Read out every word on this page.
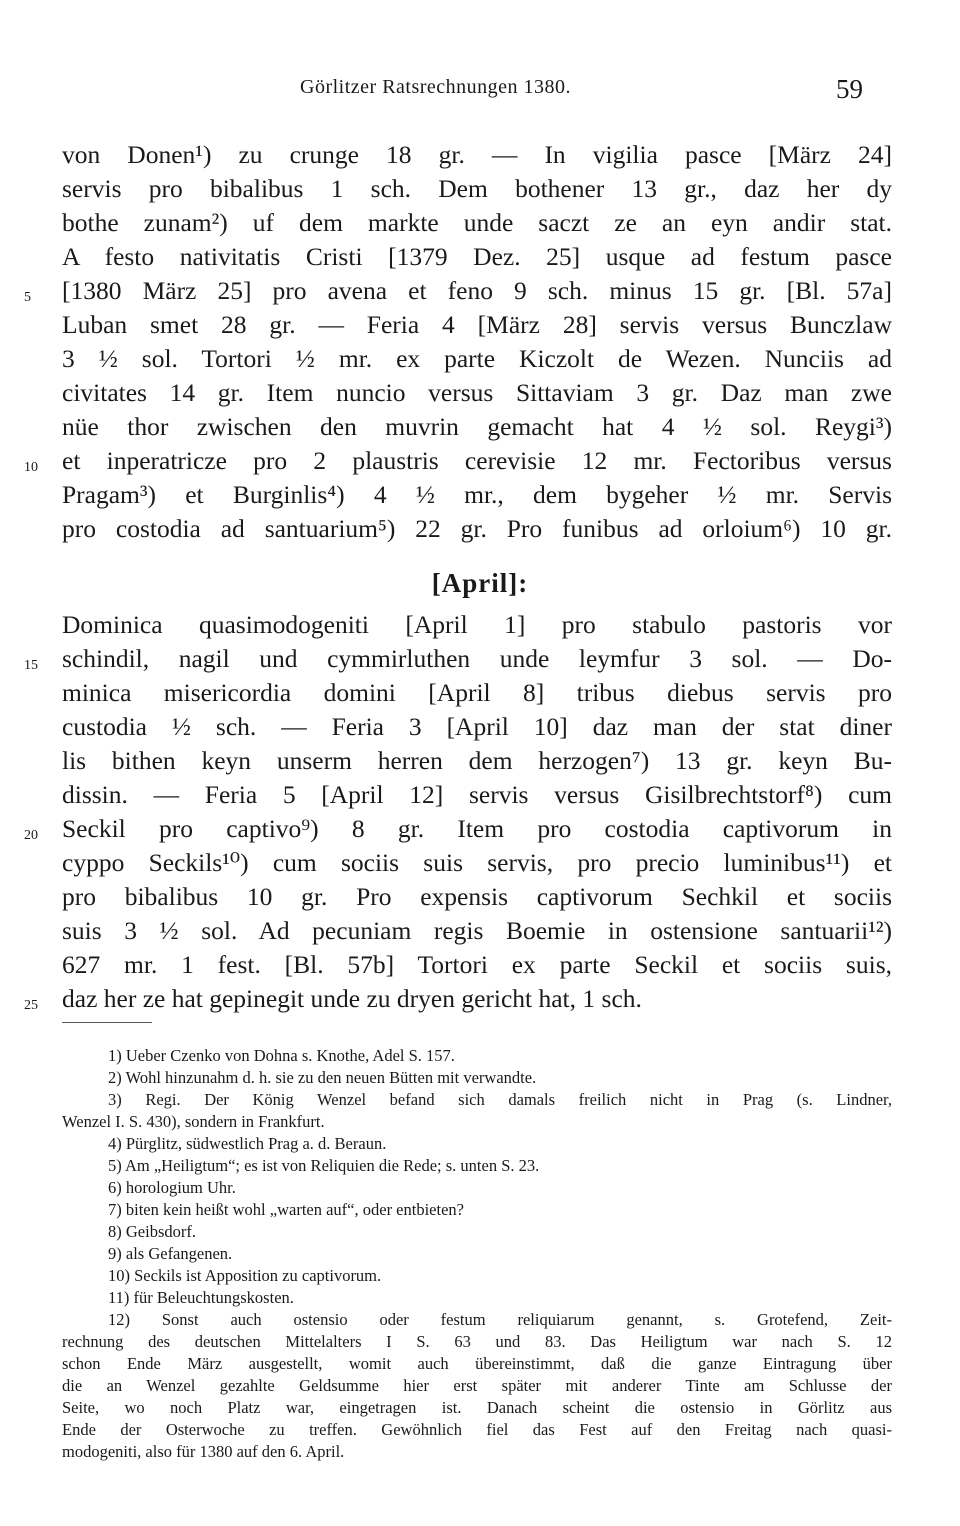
Görlitzer Ratsrechnungen 1380.	59
von Donen¹) zu crunge 18 gr. — In vigilia pasce [März 24]
servis pro bibalibus 1 sch. Dem bothener 13 gr., daz her dy
bothe zunam²) uf dem markte unde saczt ze an eyn andir stat.
A festo nativitatis Cristi [1379 Dez. 25] usque ad festum pasce
[1380 März 25] pro avena et feno 9 sch. minus 15 gr. [Bl. 57a]
Luban smet 28 gr. — Feria 4 [März 28] servis versus Bunczlaw
3 ½ sol. Tortori ½ mr. ex parte Kiczolt de Wezen. Nunciis ad
civitates 14 gr. Item nuncio versus Sittaviam 3 gr. Daz man zwe
nüe thor zwischen den muvrin gemacht hat 4 ½ sol. Reygi³)
et inperatricze pro 2 plaustris cerevisie 12 mr. Fectoribus versus
Pragam³) et Burginlis⁴) 4 ½ mr., dem bygeher ½ mr. Servis
pro costodia ad santuarium⁵) 22 gr. Pro funibus ad orloium⁶) 10 gr.
[April]:
Dominica quasimodogeniti [April 1] pro stabulo pastoris vor
schindil, nagil und cymmirluthen unde leymfur 3 sol. — Do-
minica misericordia domini [April 8] tribus diebus servis pro
custodia ½ sch. — Feria 3 [April 10] daz man der stat diner
lis bithen keyn unserm herren dem herzogen⁷) 13 gr. keyn Bu-
dissin. — Feria 5 [April 12] servis versus Gisilbrechtstorf⁸) cum
Seckil pro captivo⁹) 8 gr. Item pro costodia captivorum in
cyppo Seckils¹⁰) cum sociis suis servis, pro precio luminibus¹¹) et
pro bibalibus 10 gr. Pro expensis captivorum Sechkil et sociis
suis 3 ½ sol. Ad pecuniam regis Boemie in ostensione santuarii¹²)
627 mr. 1 fest. [Bl. 57b] Tortori ex parte Seckil et sociis suis,
daz her ze hat gepinegit unde zu dryen gericht hat, 1 sch.
5
10
15
20
25
1) Ueber Czenko von Dohna s. Knothe, Adel S. 157.
2) Wohl hinzunahm d. h. sie zu den neuen Bütten mit verwandte.
3) Regi. Der König Wenzel befand sich damals freilich nicht in Prag (s. Lindner,
Wenzel I. S. 430), sondern in Frankfurt.
4) Pürglitz, südwestlich Prag a. d. Beraun.
5) Am „Heiligtum“; es ist von Reliquien die Rede; s. unten S. 23.
6) horologium Uhr.
7) biten kein heißt wohl „warten auf“, oder entbieten?
8) Geibsdorf.
9) als Gefangenen.
10) Seckils ist Apposition zu captivorum.
11) für Beleuchtungskosten.
12) Sonst auch ostensio oder festum reliquiarum genannt, s. Grotefend, Zeit-
rechnung des deutschen Mittelalters I S. 63 und 83. Das Heiligtum war nach S. 12
schon Ende März ausgestellt, womit auch übereinstimmt, daß die ganze Eintragung über
die an Wenzel gezahlte Geldsumme hier erst später mit anderer Tinte am Schlusse der
Seite, wo noch Platz war, eingetragen ist. Danach scheint die ostensio in Görlitz aus
Ende der Osterwoche zu treffen. Gewöhnlich fiel das Fest auf den Freitag nach quasi-
modogeniti, also für 1380 auf den 6. April.
